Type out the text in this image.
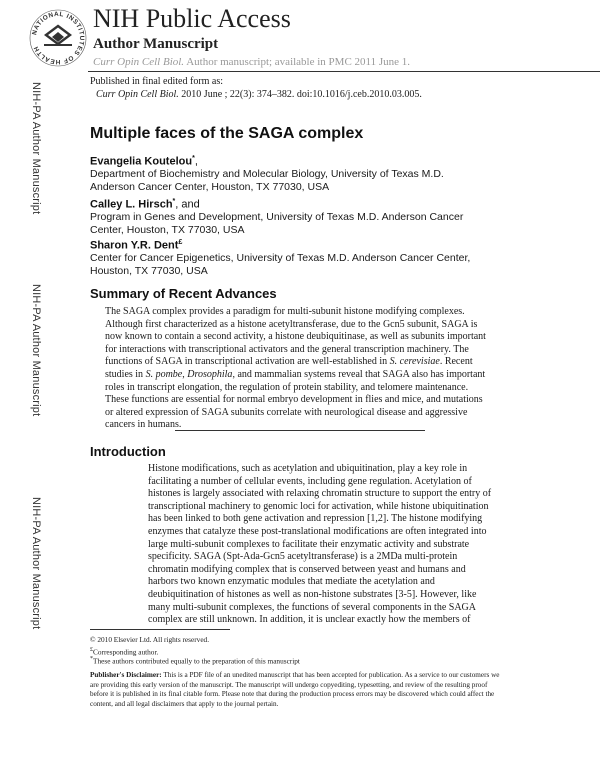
NATIONAL INSTITUTES OF HEALTH
NIH Public Access
Author Manuscript
Curr Opin Cell Biol. Author manuscript; available in PMC 2011 June 1.
Published in final edited form as:
Curr Opin Cell Biol. 2010 June ; 22(3): 374–382. doi:10.1016/j.ceb.2010.03.005.
NIH-PA Author Manuscript
NIH-PA Author Manuscript
NIH-PA Author Manuscript
Multiple faces of the SAGA complex
Evangelia Koutelou*,
Department of Biochemistry and Molecular Biology, University of Texas M.D. Anderson Cancer Center, Houston, TX 77030, USA
Calley L. Hirsch*, and
Program in Genes and Development, University of Texas M.D. Anderson Cancer Center, Houston, TX 77030, USA
Sharon Y.R. Dent£
Center for Cancer Epigenetics, University of Texas M.D. Anderson Cancer Center, Houston, TX 77030, USA
Summary of Recent Advances
The SAGA complex provides a paradigm for multi-subunit histone modifying complexes. Although first characterized as a histone acetyltransferase, due to the Gcn5 subunit, SAGA is now known to contain a second activity, a histone deubiquitinase, as well as subunits important for interactions with transcriptional activators and the general transcription machinery. The functions of SAGA in transcriptional activation are well-established in S. cerevisiae. Recent studies in S. pombe, Drosophila, and mammalian systems reveal that SAGA also has important roles in transcript elongation, the regulation of protein stability, and telomere maintenance. These functions are essential for normal embryo development in flies and mice, and mutations or altered expression of SAGA subunits correlate with neurological disease and aggressive cancers in humans.
Introduction
Histone modifications, such as acetylation and ubiquitination, play a key role in facilitating a number of cellular events, including gene regulation. Acetylation of histones is largely associated with relaxing chromatin structure to support the entry of transcriptional machinery to genomic loci for activation, while histone ubiquitination has been linked to both gene activation and repression [1,2]. The histone modifying enzymes that catalyze these post-translational modifications are often integrated into large multi-subunit complexes to facilitate their enzymatic activity and substrate specificity. SAGA (Spt-Ada-Gcn5 acetyltransferase) is a 2MDa multi-protein chromatin modifying complex that is conserved between yeast and humans and harbors two known enzymatic modules that mediate the acetylation and deubiquitination of histones as well as non-histone substrates [3-5]. However, like many multi-subunit complexes, the functions of several components in the SAGA complex are still unknown. In addition, it is unclear exactly how the members of
© 2010 Elsevier Ltd. All rights reserved.
£Corresponding author.
*These authors contributed equally to the preparation of this manuscript
Publisher's Disclaimer: This is a PDF file of an unedited manuscript that has been accepted for publication. As a service to our customers we are providing this early version of the manuscript. The manuscript will undergo copyediting, typesetting, and review of the resulting proof before it is published in its final citable form. Please note that during the production process errors may be discovered which could affect the content, and all legal disclaimers that apply to the journal pertain.
